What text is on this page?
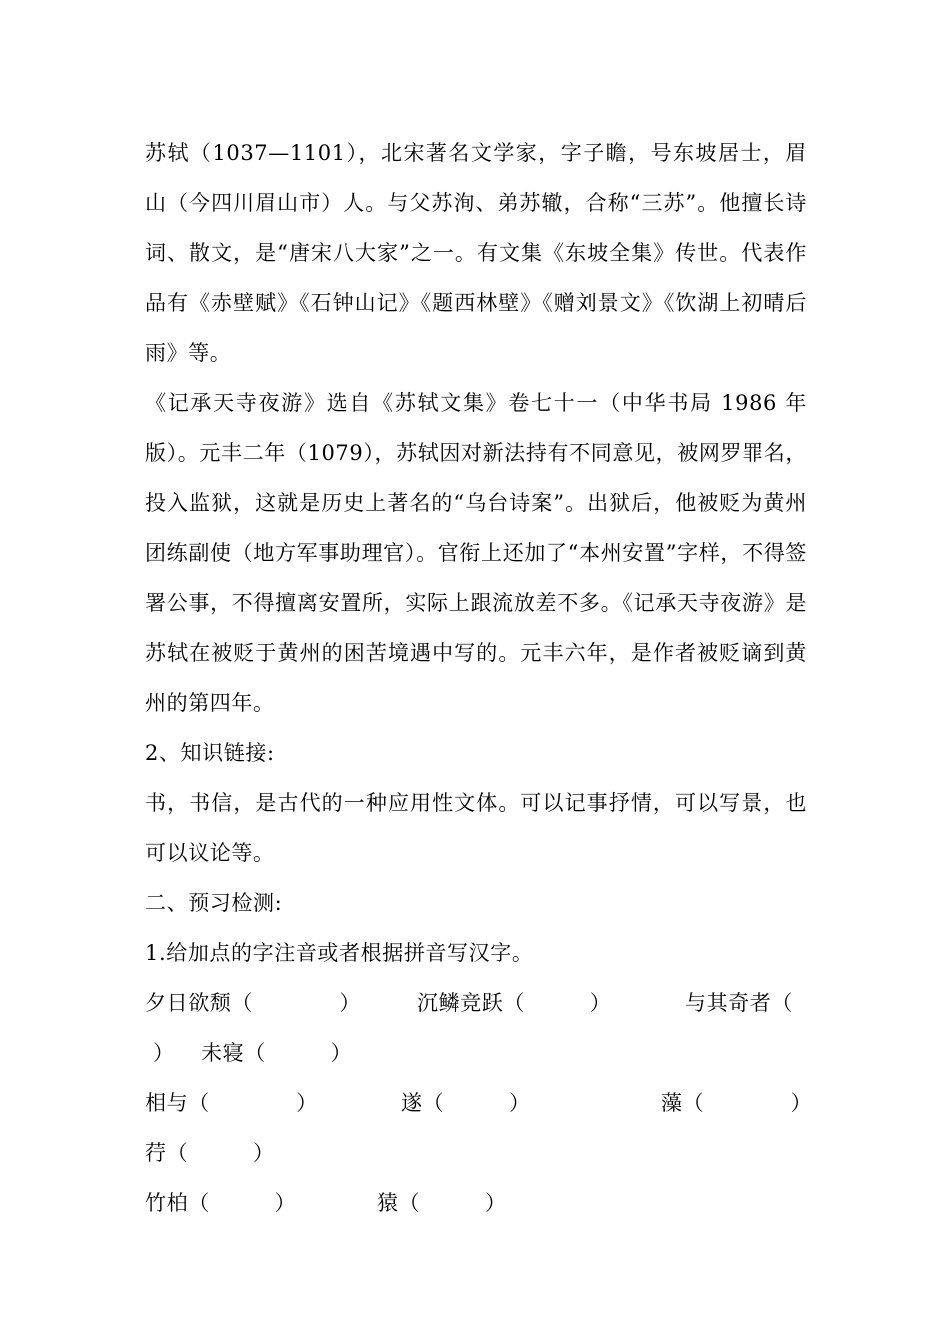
苏轼（1037—1101），北宋著名文学家，字子瞻，号东坡居士，眉山（今四川眉山市）人。与父苏洵、弟苏辙，合称“三苏”。他擅长诗词、散文，是“唐宋八大家”之一。有文集《东坡全集》传世。代表作品有《赤壁赋》《石钟山记》《题西林壁》《赠刘景文》《饮湖上初晴后雨》等。

《记承天寺夜游》选自《苏轼文集》卷七十一（中华书局 1986 年版）。元丰二年（1079），苏轼因对新法持有不同意见，被网罗罪名，投入监狱，这就是历史上著名的“乌台诗案”。出狱后，他被贬为黄州团练副使（地方军事助理官）。官衔上还加了“本州安置”字样，不得签署公事，不得擅离安置所，实际上跟流放差不多。《记承天寺夜游》是苏轼在被贬于黄州的困苦境遇中写的。元丰六年，是作者被贬谪到黄州的第四年。

2、知识链接:

书，书信，是古代的一种应用性文体。可以记事抒情，可以写景，也可以议论等。

二、预习检测:

1.给加点的字注音或者根据拼音写汉字。

夕日欲颓（　　　　）	沉鳞竞跃（　　　）	与其奇者（
） 未寝（　　　）
相与（　　　　）	遂（　　　）	藻（　　　　）
荇（　　　）
竹柏（　　　）	猿（　　　）
